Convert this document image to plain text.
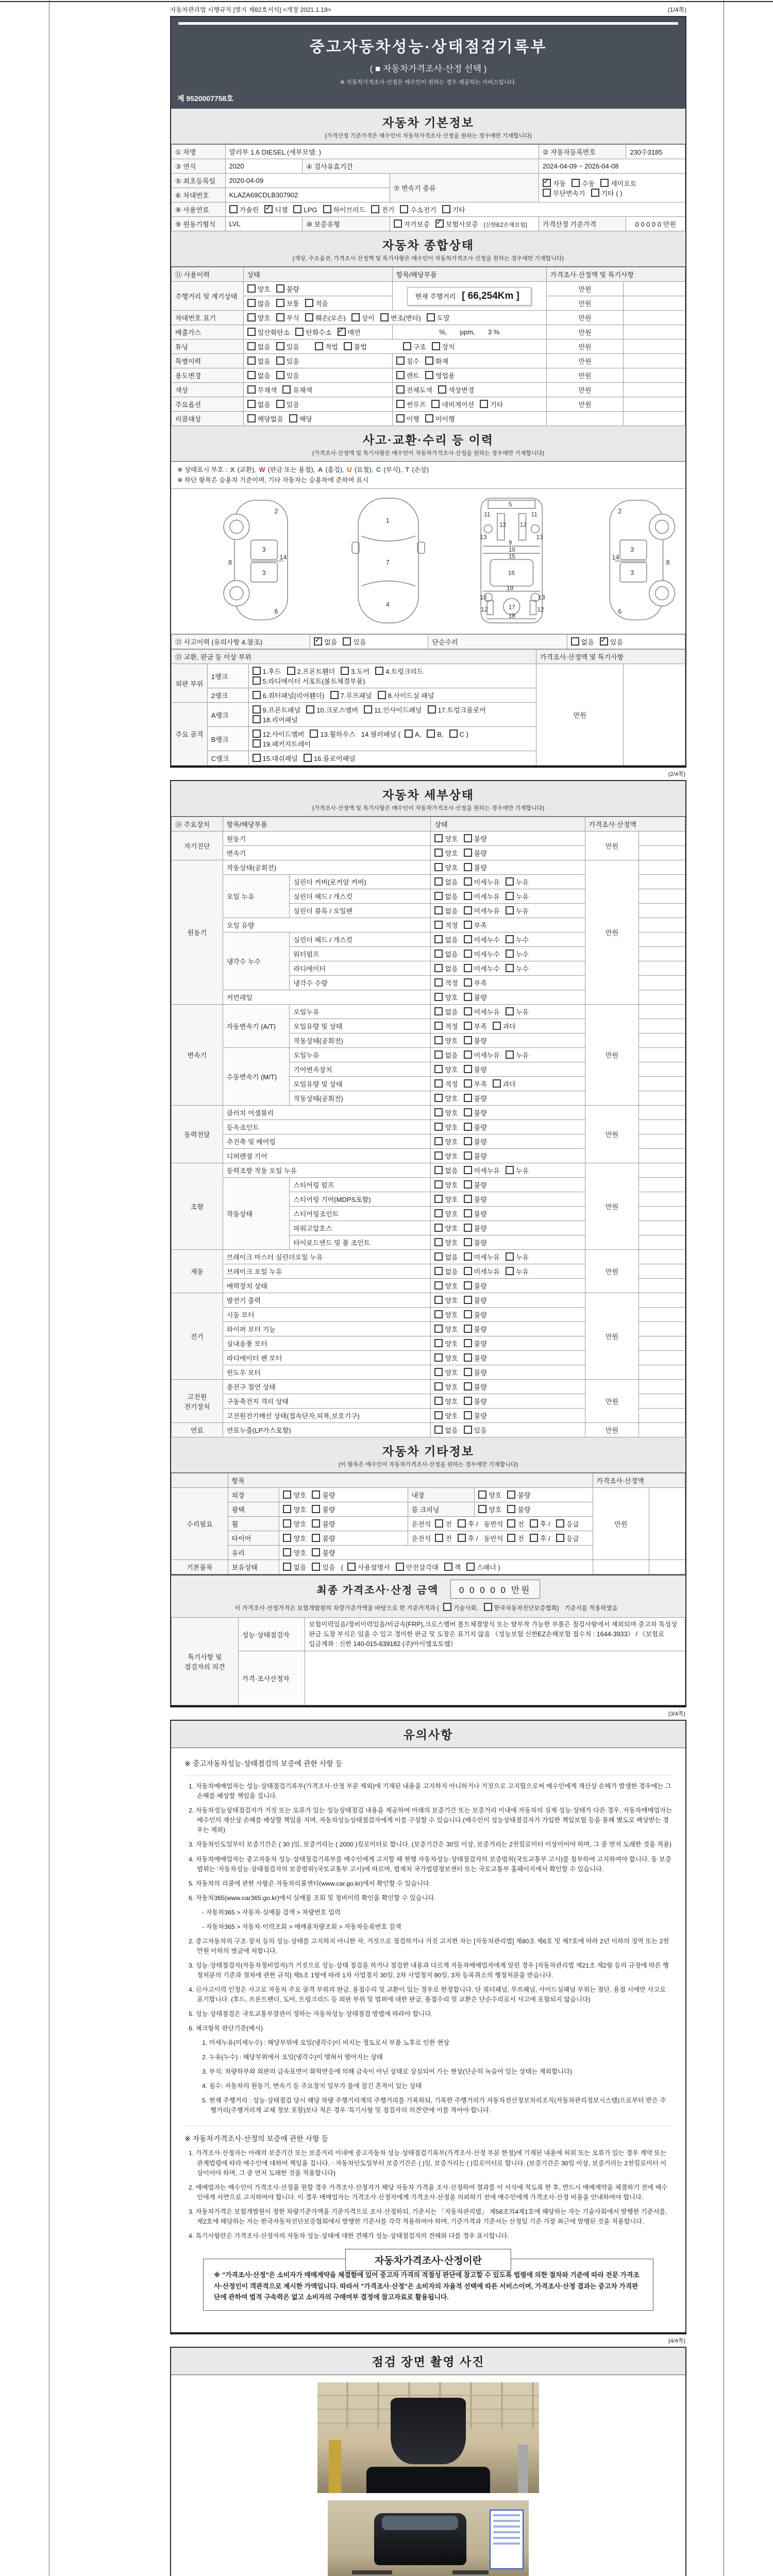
자동차관리법 시행규칙 [별지 제82호서식] <개정 2021.1.19>	(1/4쪽)
중고자동차성능·상태점검기록부
( ■ 자동차가격조사·산정 선택 )
※ 자동차가격조사·산정은 매수인이 원하는 경우 제공하는 서비스입니다.
제 9520007758호
자동차 기본정보
(가격산정 기준가격은 매수인이 자동차가격조사·산정을 원하는 경우에만 기재합니다)
① 차명	말리부 1.6 DIESEL (세부모델: )			② 자동차등록번호	230수3185
③ 연식	2020	④ 검사유효기간		2024-04-09 ~ 2026-04-08	
⑤ 최초등록일	2020-04-09		⑦ 변속기 종류	
✓자동 수동 세미오토
무단변속기 기타 ( )

⑥ 차대번호	KLAZA69CDLB307902				
⑧ 사용연료	가솔린 ✓ 디젤 LPG 하이브리드 전기 수소전기 기타

⑨ 원동기형식	LVL	⑩ 보증유형	자가보증 ✓ 보험사보증 [신한EZ손해보험]	가격산정 기준가격	0 0 0 0 0 만원
자동차 종합상태
(색상, 주요옵션, 가격조사·산정액 및 특기사항은 매수인이 자동차가격조사·산정을 원하는 경우에만 기재합니다)
⑪ 사용이력	상태	항목/해당부품	가격조사·산정액 및 특기사항	
주행거리 및 계기상태	양호 불량	현재 주행거리 [ 66,254Km ]	만원	

	많음 보통 적음		만원	
차대번호 표기	양호 부식 훼손(오손) 상이 변조(변타) 도말		만원	
배출가스	일산화탄소 탄화수소 ✓ 매연	%,       ppm,       3 %	만원	
튜닝	없음 있음 적법 불법 구조 장치		만원	
특별이력	없음 있음	침수 화재	만원	
용도변경	없음 있음	렌트 영업용	만원	
색상	무채색 유채색	전체도색 색상변경	만원	
주요옵션	없음 있음	썬루프 네비게이션 기타	만원	
리콜대상	해당없음 해당	이행 미이행		

사고·교환·수리 등 이력
(가격조사·산정액 및 특기사항은 매수인이 자동차가격조사·산정을 원하는 경우에만 기재합니다)
※ 상태표시 부호 : X (교환), W (판금 또는 용접), A (흠집), U (요철), C (부식), T (손상)
※ 하단 항목은 승용차 기준이며, 기타 자동차는 승용차에 준하여 표시
2
8
3
3
14
6
1
7
4
5
11	11
12 12
13	13
9
10
15
16
19
13	13
12	12
17
18
2
8
3
3
14
6
⑫ 사고이력 (유의사항 4.참조)	
✓없음 있음	단순수리	없음 ✓ 있음
⑬ 교환, 판금 등 이상 부위			가격조사·산정액 및 특기사항	
외판 부위	1랭크	1.후드 2.프론트휀더 3.도어 4.트렁크리드5.라디에이터 서포트(볼트체결부품)	만원	
	2랭크	6.쿼터패널(리어휀더) 7.루프패널 8.사이드실 패널		

주요 골격	A랭크	9.프론트패널 10.크로스멤버 11.인사이드패널 17.트렁크플로어18.리어패널		

	B랭크	12.사이드멤버 13.휠하우스 14.필러패널 ( A, B, C )19.패키지트레이		

	C랭크	15.대쉬패널 16.플로어패널		
(2/4쪽)
자동차 세부상태
(가격조사·산정액 및 특기사항은 매수인이 자동차가격조사·산정을 원하는 경우에만 기재합니다)
⑭ 주요장치	항목/해당부품		상태	가격조사·산정액	
자기진단	원동기		양호 불량	만원	
	변속기		양호 불량		

원동기	작동상태(공회전)		양호 불량	만원	
	오일 누유	실린더 커버(로커암 커버)	없음 미세누유 누유		

		실린더 헤드 / 개스킷	없음 미세누유 누유		

		실린더 블록 / 오일팬	없음 미세누유 누유		

	오일 유량		적정 부족		

	냉각수 누수	실린더 헤드 / 개스킷	없음 미세누수 누수		

		워터펌프	없음 미세누수 누수		

		라디에이터	없음 미세누수 누수		

		냉각수 수량	적정 부족		

	커먼레일		양호 불량		

변속기	자동변속기 (A/T)	오일누유	없음 미세누유 누유	만원	
		오일유량 및 상태	적정 부족 과다		

		작동상태(공회전)	양호 불량		

	수동변속기 (M/T)	오일누유	없음 미세누유 누유		

		기어변속장치	양호 불량		

		오일유량 및 상태	적정 부족 과다		

		작동상태(공회전)	양호 불량		

동력전달	클러치 어셈블리		양호 불량	만원	
	등속죠인트		양호 불량		

	추진축 및 베어링		양호 불량		

	디퍼렌셜 기어		양호 불량		

조향	동력조향 작동 오일 누유		없음 미세누유 누유	만원	
	작동상태	스티어링 펌프	양호 불량		

		스티어링 기어(MDPS포함)	양호 불량		

		스티어링조인트	양호 불량		

		파워고압호스	양호 불량		

		타이로드엔드 및 볼 조인트	양호 불량		

제동	브레이크 마스터 실린더오일 누유		없음 미세누유 누유	만원	
	브레이크 오일 누유		없음 미세누유 누유		

	배력장치 상태		양호 불량		

전기	발전기 출력		양호 불량	만원	
	시동 모터		양호 불량		

	와이퍼 모터 기능		양호 불량		

	실내송풍 모터		양호 불량		

	라디에이터 팬 모터		양호 불량		

	윈도우 모터		양호 불량		

고전원 전기장치	충전구 절연 상태		양호 불량	만원	
	구동축전지 격리 상태		양호 불량		

	고전원전기배선 상태(접속단자,피복,보호기구)		양호 불량		

연료	연료누출(LP가스포함)		없음 있음	만원	
자동차 기타정보
(이 항목은 매수인이 자동차가격조사·산정을 원하는 경우에만 기재합니다)
	항목				가격조사·산정액	
수리필요	외장	양호 불량	내장	양호 불량	만원	
	광택	양호 불량	룸 크리닝	양호 불량		

	휠	양호 불량	운전석 전 후 / 동반석 전 후 / 응급			

	타이어	양호 불량	운전석 전 후 / 동반석 전 후 / 응급			

	유리	양호 불량				

기본품목	보유상태	없음 있음 ( 사용설명서 안전삼각대 잭 스패너 )				

최종 가격조사·산정 금액 0 0 0 0 0 만원
이 가격조사·산정가격은 보험개발원의 차량기준가액을 바탕으로 한 기준가격과 ( 기술사회,	한국자동차진단보증협회) 기준서를 적용하였음
특기사항 및 점검자의 의견	성능·상태점검자	보험이력있음/정비이력있음/비금속(FRP),크로스멤버 볼트체결방식 또는 탈부착 가능한 부품은 점검사항에서 제외되며 중고차 특성상 판금 도장 부식은 있을 수 있고 경미한 판금 및 도장은 표기치 않음 《성능보험 신한EZ손해보험 접수처 : 1644-3933》 / 《보험료 입금계좌 : 신한 140-015-639182 (주)아이엠오토랩》
	가격·조사산정자	
(3/4쪽)
유의사항
※ 중고자동차성능·상태점검의 보증에 관한 사항 등
1. 자동차매매업자는 성능·상태점검기록부(가격조사·산정 부분 제외)에 기재된 내용을 고지하지 아니하거나 거짓으로 고지함으로써 매수인에게 재산상 손해가 발생한 경우에는 그 손해를 배상할 책임을 집니다.
2. 자동차성능상태점검자가 거짓 또는 오류가 있는 성능상태점검 내용을 제공하여 아래의 보증기간 또는 보증거리 이내에 자동차의 실제 성능·상태가 다른 경우, 자동차매매업자는 매수인의 재산상 손해를 배상할 책임을 지며, 자동차성능상태점검자에게 이를 구상할 수 있습니다.(매수인이 성능상태점검자가 가입한 책임보험 등을 통해 별도로 배상받는 경우는 제외)
3. 자동차인도일부터 보증기간은 ( 30 )일, 보증거리는 ( 2000 )킬로미터로 합니다. (보증기간은 30일 이상, 보증거리는 2천킬로미터 이상이어야 하며, 그 중 먼저 도래한 것을 적용)
4. 자동차매매업자는 중고자동차 성능·상태점검기록부를 매수인에게 고지할 때 현행 자동차성능·상태점검자의 보증범위(국토교통부 고시)를 첨부하여 고지하여야 합니다. 동 보증범위는 '자동차성능·상태점검자의 보증범위'(국토교통부 고시)에 따르며, 법제처 국가법령정보센터 또는 국토교통부 홈페이지에서 확인할 수 있습니다.
5. 자동차의 리콜에 관한 사항은 자동차리콜센터(www.car.go.kr)에서 확인할 수 있습니다.
6. 자동차365(www.car365.go.kr)에서 실매물 조회 및 정비이력 확인을 확인할 수 있습니다.
- 자동차365 > 자동차·실매물 검색 > 차량번호 입력
- 자동차365 > 자동차·이력조회 > 매매용차량조회 > 자동차등록번호 검색
2. 중고자동차의 구조·장치 등의 성능·상태를 고지하지 아니한 자, 거짓으로 점검하거나 거짓 고지한 자는 [자동차관리법] 제80조 제6호 및 제7호에 따라 2년 이하의 징역 또는 2천만원 이하의 벌금에 처합니다.
3. 성능·상태점검자(자동차정비업자)가 거짓으로 성능·상태 점검을 하거나 점검한 내용과 다르게 자동차매매업자에게 알린 경우 [자동차관리법 제21조 제2항 등의 규정에 따른 행정처분의 기준과 절차에 관한 규칙] 제5조 1항에 따라 1차 사업정지 30일, 2차 사업정지 90일, 3차 등록취소의 행정처분을 받습니다.
4. ⑫사고이력 인정은 사고로 자동차 주요 골격 부위의 판금, 용접수리 및 교환이 있는 경우로 한정합니다. 단 쿼터패널, 루프패널, 사이드실패널 부위는 절단, 용접 시에만 사고로 표기합니다. (후드, 프론트펜더, 도어, 트렁크리드 등 외판 부위 및 범퍼에 대한 판금, 용접수리 및 교환은 단순수리로서 사고에 포함되지 않습니다)
5. 성능·상태점검은 국토교통부장관이 정하는 자동차성능·상태점검 방법에 따라야 합니다.
6. 체크항목 판단기준(예시)
1. 미세누유(미세누수) : 해당부위에 오일(냉각수)이 비치는 정도로서 부품 노후로 인한 현상
2. 누유(누수) : 해당부위에서 오일(냉각수)이 맺혀서 떨어지는 상태
3. 부식: 차량하부와 외판의 금속표면이 화학반응에 의해 금속이 아닌 상태로 상실되어 가는 현상(단순히 녹슬어 있는 상태는 제외합니다)
4. 침수: 자동차의 원동기, 변속기 등 주요장치 일부가 물에 잠긴 흔적이 있는 상태
5. 현재 주행거리 : 성능·상태점검 당시 해당 차량 주행거리계의 주행거리를 기록하되, 기록한 주행거리가 자동차전산정보처리조직(자동차관리정보시스템)으로부터 받은 주행거리(주행거리계 교체 정보 포함)보다 적은 경우 '특기사항 및 점검자의 의견'란에 이를 적어야 합니다.
※ 자동차가격조사·산정의 보증에 관한 사항 등
1. 가격조사·산정자는 아래의 보증기간 또는 보증거리 이내에 중고자동차 성능·상태점검기록부(가격조사·산정 부분 한정)에 기재된 내용에 허위 또는 오류가 있는 경우 계약 또는 관계법령에 따라 매수인에 대하여 책임을 집니다. · 자동차인도일부터 보증기간은 ( )일, 보증거리는 ( )킬로미터로 합니다. (보증기간은 30일 이상, 보증거리는 2천킬로미터 이상이어야 하며, 그 중 먼저 도래한 것을 적용합니다)
2. 매매업자는 매수인이 가격조사·산정을 원할 경우 가격조사·산정자가 해당 자동차 가격을 조사·산정하여 결과를 이 서식에 적도록 한 후, 반드시 매매계약을 체결하기 전에 매수인에게 서면으로 고지하여야 합니다. 이 경우 매매업자는 가격조사·산정자에게 가격조사·산정을 의뢰하기 전에 매수인에게 가격조사·산정 비용을 안내하여야 합니다.
3. 자동차가격은 보험개발원이 정한 차량기준가액을 기준가격으로 조사·산정하되, 기준서는 「자동차관리법」 제58조의4제1호에 해당하는 자는 기술사회에서 발행한 기준서를, 제2호에 해당하는 자는 한국자동차진단보증협회에서 발행한 기준서를 각각 적용하여야 하며, 기준가격과 기준서는 산정일 기준 가장 최근에 발행된 것을 적용합니다.
4. 특기사항란은 가격조사·산정자의 자동차 성능·상태에 대한 견해가 성능·상태점검자의 견해와 다를 경우 표시합니다.
자동차가격조사·산정이란
※ "가격조사·산정"은 소비자가 매매계약을 체결함에 있어 중고차 가격의 적절성 판단에 참고할 수 있도록 법령에 의한 절차와 기준에 따라 전문 가격조사·산정인이 객관적으로 제시한 가액입니다. 따라서 "가격조사·산정"은 소비자의 자율적 선택에 따른 서비스이며, 가격조사·산정 결과는 중고차 가격판단에 관하여 법적 구속력은 없고 소비자의 구매여부 결정에 참고자료로 활용됩니다.
(4/4쪽)
점검 장면 촬영 사진
